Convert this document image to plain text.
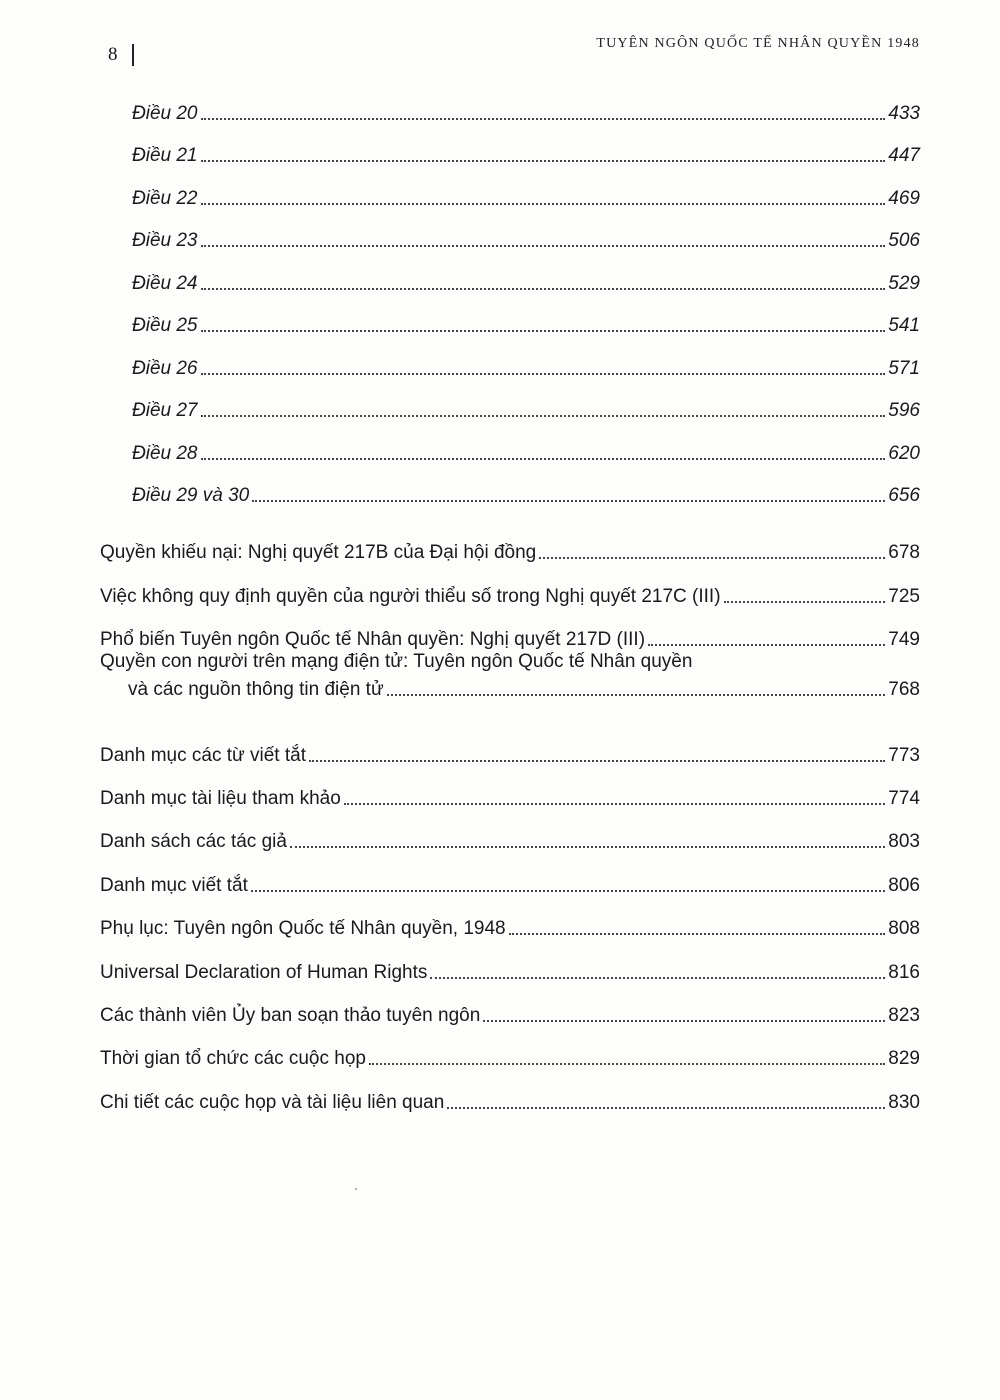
8
TUYÊN NGÔN QUỐC TẾ NHÂN QUYỀN 1948
Điều 20	433
Điều 21	447
Điều 22	469
Điều 23	506
Điều 24	529
Điều 25	541
Điều 26	571
Điều 27	596
Điều 28	620
Điều 29 và 30	656
Quyền khiếu nại: Nghị quyết 217B của Đại hội đồng	678
Việc không quy định quyền của người thiểu số trong Nghị quyết 217C (III)	725
Phổ biến Tuyên ngôn Quốc tế Nhân quyền: Nghị quyết 217D (III)	749
Quyền con người trên mạng điện tử: Tuyên ngôn Quốc tế Nhân quyền
và các nguồn thông tin điện tử	768
Danh mục các từ viết tắt	773
Danh mục tài liệu tham khảo	774
Danh sách các tác giả	803
Danh mục viết tắt	806
Phụ lục: Tuyên ngôn Quốc tế Nhân quyền, 1948	808
Universal Declaration of Human Rights	816
Các thành viên Ủy ban soạn thảo tuyên ngôn	823
Thời gian tổ chức các cuộc họp	829
Chi tiết các cuộc họp và tài liệu liên quan	830
